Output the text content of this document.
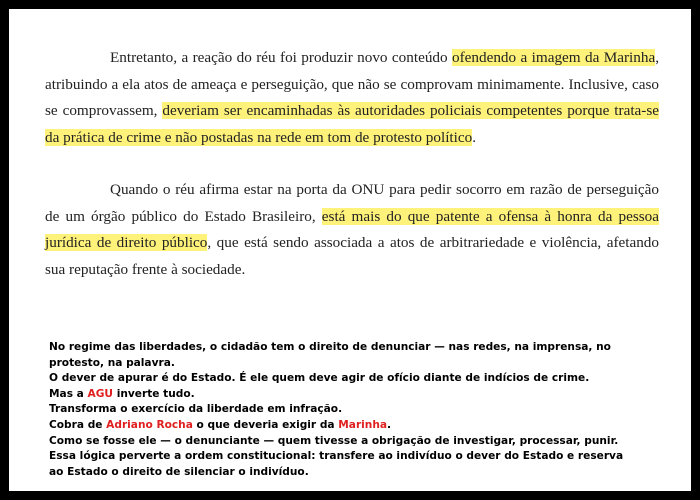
Entretanto, a reação do réu foi produzir novo conteúdo ofendendo a imagem da Marinha, atribuindo a ela atos de ameaça e perseguição, que não se comprovam minimamente. Inclusive, caso se comprovassem, deveriam ser encaminhadas às autoridades policiais competentes porque trata-se da prática de crime e não postadas na rede em tom de protesto político.

Quando o réu afirma estar na porta da ONU para pedir socorro em razão de perseguição de um órgão público do Estado Brasileiro, está mais do que patente a ofensa à honra da pessoa jurídica de direito público, que está sendo associada a atos de arbitrariedade e violência, afetando sua reputação frente à sociedade.

No regime das liberdades, o cidadão tem o direito de denunciar — nas redes, na imprensa, no
protesto, na palavra.
O dever de apurar é do Estado. É ele quem deve agir de ofício diante de indícios de crime.
Mas a AGU inverte tudo.
Transforma o exercício da liberdade em infração.
Cobra de Adriano Rocha o que deveria exigir da Marinha.
Como se fosse ele — o denunciante — quem tivesse a obrigação de investigar, processar, punir.
Essa lógica perverte a ordem constitucional: transfere ao indivíduo o dever do Estado e reserva
ao Estado o direito de silenciar o indivíduo.
